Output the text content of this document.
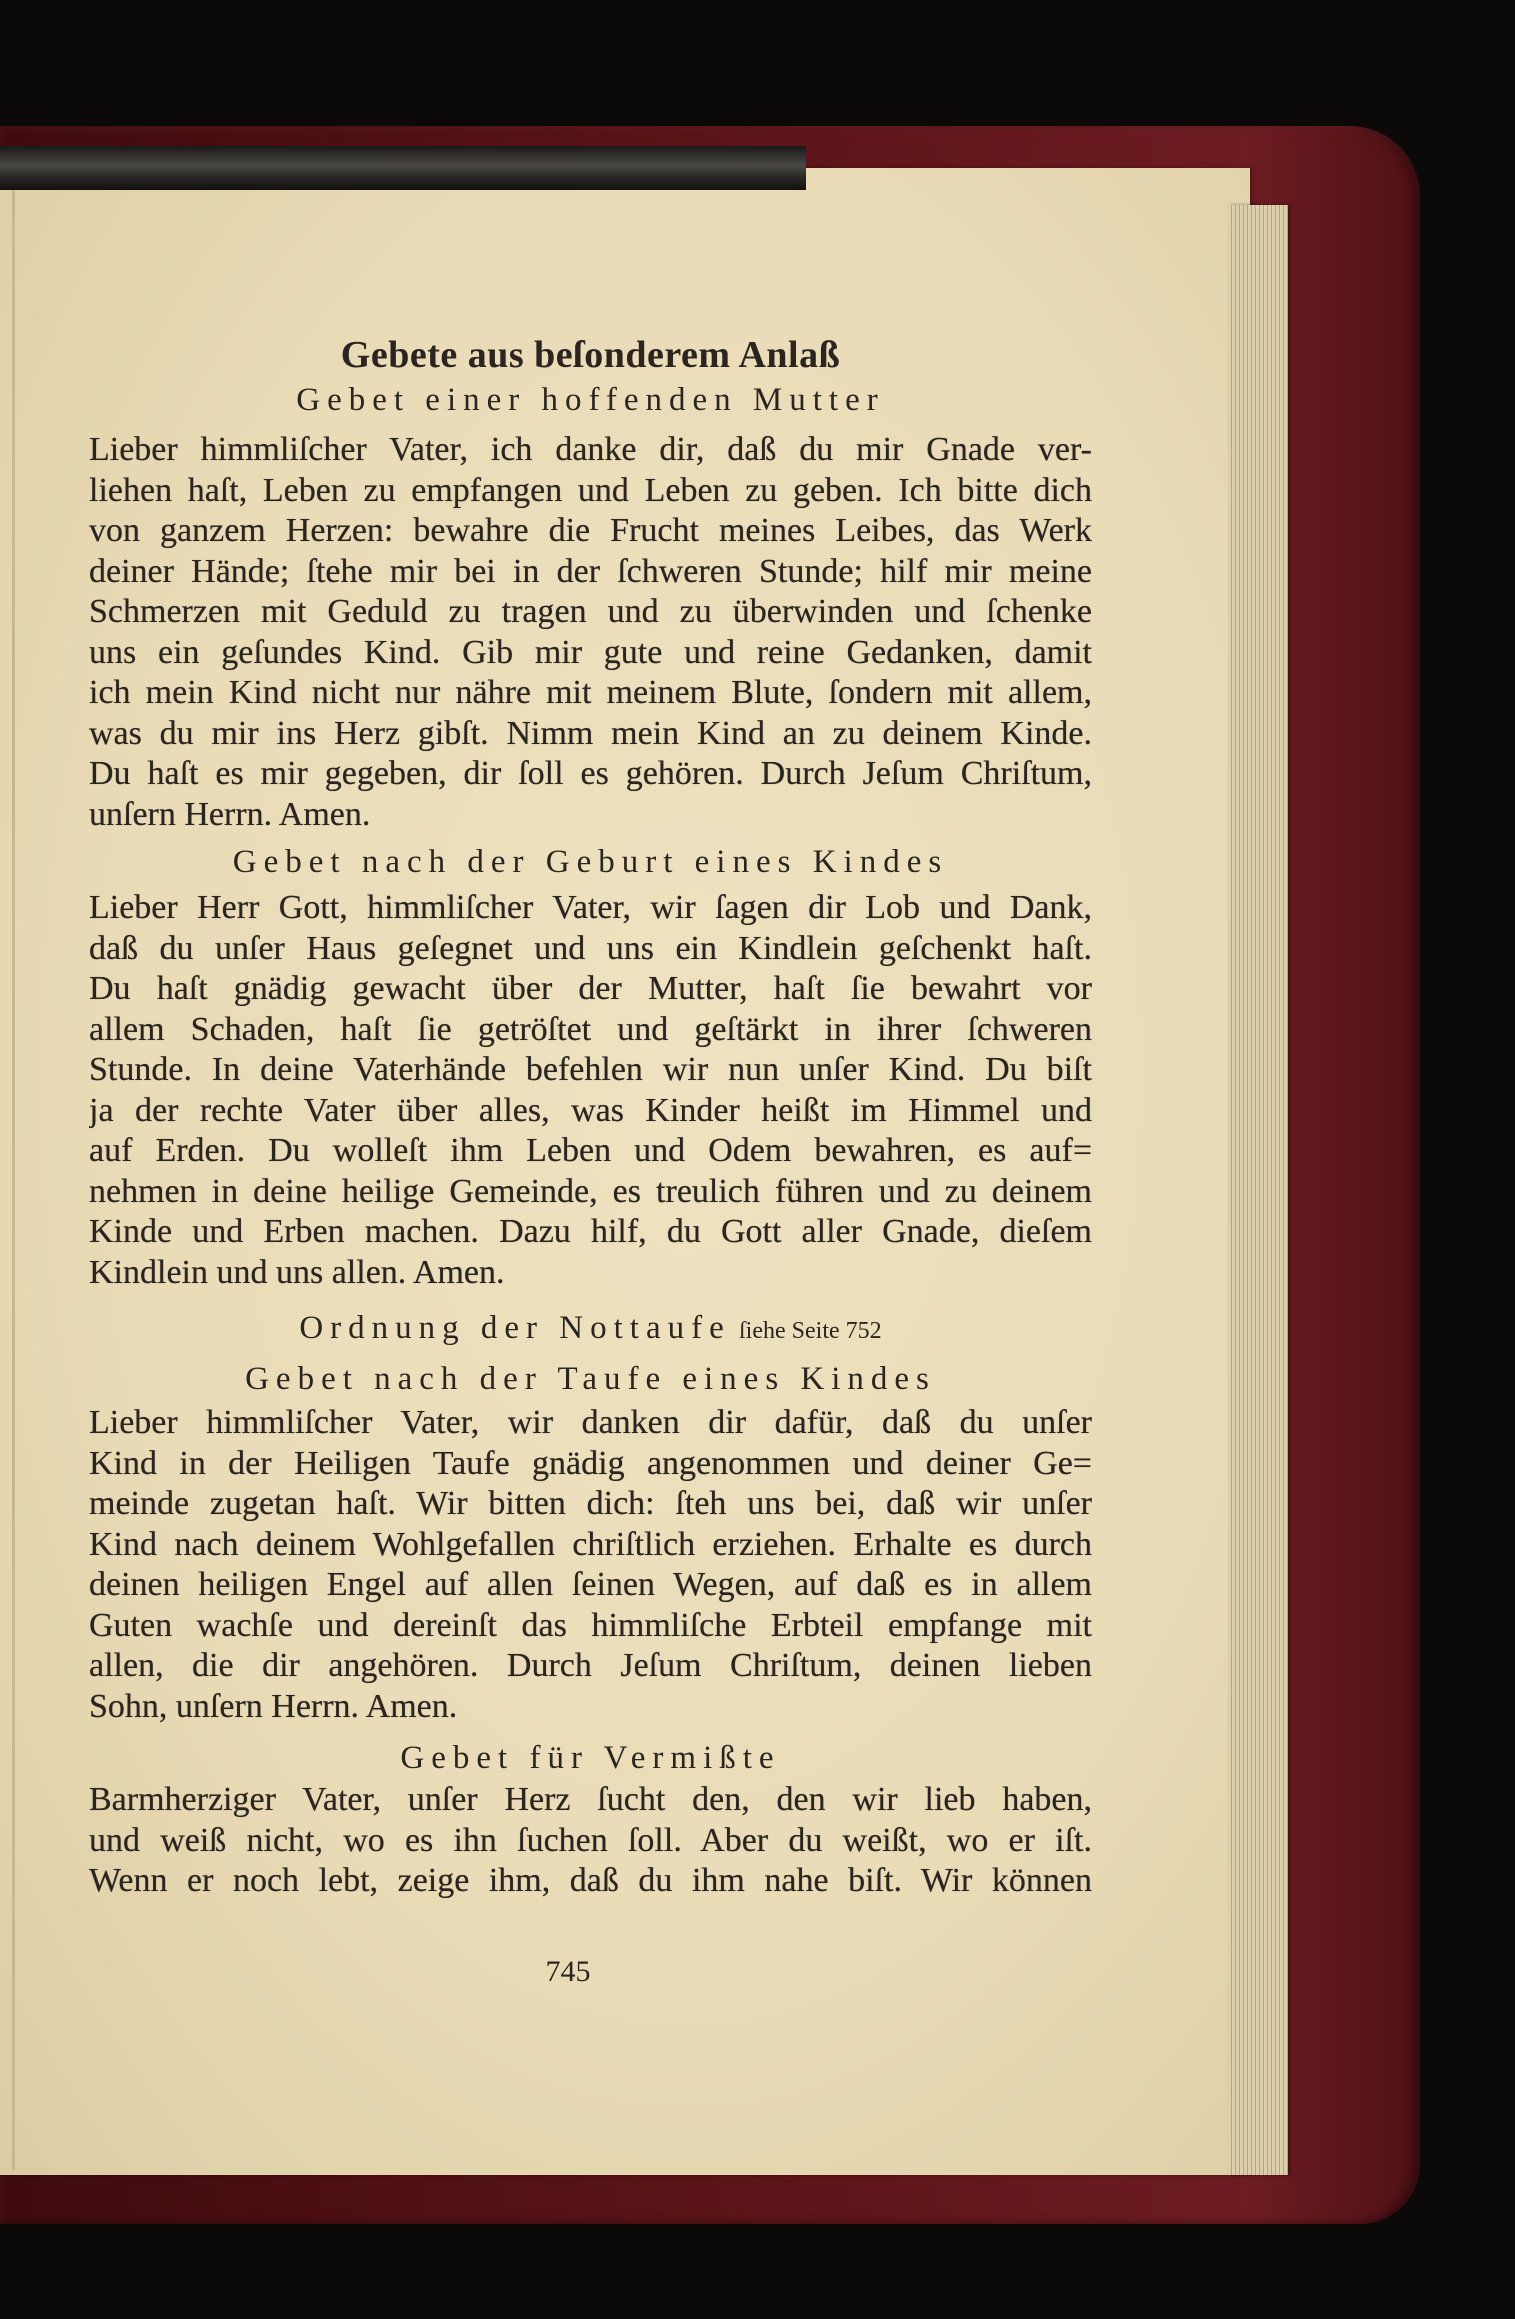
Gebete aus beſonderem Anlaß
Gebet einer hoffenden Mutter
Lieber himmliſcher Vater, ich danke dir, daß du mir Gnade ver-
liehen haſt, Leben zu empfangen und Leben zu geben. Ich bitte dich
von ganzem Herzen: bewahre die Frucht meines Leibes, das Werk
deiner Hände; ſtehe mir bei in der ſchweren Stunde; hilf mir meine
Schmerzen mit Geduld zu tragen und zu überwinden und ſchenke
uns ein geſundes Kind. Gib mir gute und reine Gedanken, damit
ich mein Kind nicht nur nähre mit meinem Blute, ſondern mit allem,
was du mir ins Herz gibſt. Nimm mein Kind an zu deinem Kinde.
Du haſt es mir gegeben, dir ſoll es gehören. Durch Jeſum Chriſtum,
unſern Herrn. Amen.
Gebet nach der Geburt eines Kindes
Lieber Herr Gott, himmliſcher Vater, wir ſagen dir Lob und Dank,
daß du unſer Haus geſegnet und uns ein Kindlein geſchenkt haſt.
Du haſt gnädig gewacht über der Mutter, haſt ſie bewahrt vor
allem Schaden, haſt ſie getröſtet und geſtärkt in ihrer ſchweren
Stunde. In deine Vaterhände befehlen wir nun unſer Kind. Du biſt
ja der rechte Vater über alles, was Kinder heißt im Himmel und
auf Erden. Du wolleſt ihm Leben und Odem bewahren, es auf=
nehmen in deine heilige Gemeinde, es treulich führen und zu deinem
Kinde und Erben machen. Dazu hilf, du Gott aller Gnade, dieſem
Kindlein und uns allen. Amen.
Ordnung der Nottaufe ſiehe Seite 752
Gebet nach der Taufe eines Kindes
Lieber himmliſcher Vater, wir danken dir dafür, daß du unſer
Kind in der Heiligen Taufe gnädig angenommen und deiner Ge=
meinde zugetan haſt. Wir bitten dich: ſteh uns bei, daß wir unſer
Kind nach deinem Wohlgefallen chriſtlich erziehen. Erhalte es durch
deinen heiligen Engel auf allen ſeinen Wegen, auf daß es in allem
Guten wachſe und dereinſt das himmliſche Erbteil empfange mit
allen, die dir angehören. Durch Jeſum Chriſtum, deinen lieben
Sohn, unſern Herrn. Amen.
Gebet für Vermißte
Barmherziger Vater, unſer Herz ſucht den, den wir lieb haben,
und weiß nicht, wo es ihn ſuchen ſoll. Aber du weißt, wo er iſt.
Wenn er noch lebt, zeige ihm, daß du ihm nahe biſt. Wir können
745
